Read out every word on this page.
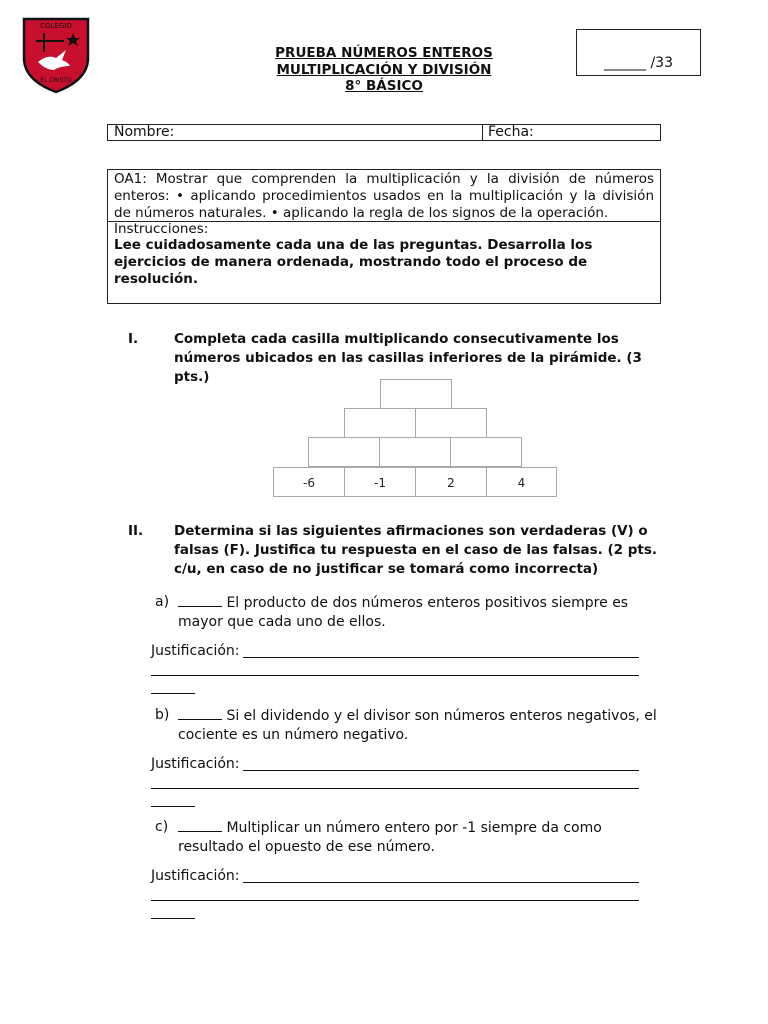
COLEGIO
EL CRISTO
PRUEBA NÚMEROS ENTEROS
MULTIPLICACIÓN Y DIVISIÓN
8° BÁSICO
______ /33
Nombre:	Fecha:
OA1: Mostrar que comprenden la multiplicación y la división de números enteros: • aplicando procedimientos usados en la multiplicación y la división de números naturales. • aplicando la regla de los signos de la operación.
Instrucciones:
Lee cuidadosamente cada una de las preguntas. Desarrolla los ejercicios de manera ordenada, mostrando todo el proceso de resolución.
I.	Completa cada casilla multiplicando consecutivamente los números ubicados en las casillas inferiores de la pirámide. (3 pts.)
-6	-1	2	4
II. Determina si las siguientes afirmaciones son verdaderas (V) o falsas (F). Justifica tu respuesta en el caso de las falsas. (2 pts. c/u, en caso de no justificar se tomará como incorrecta)
a)	El producto de dos números enteros positivos siempre es mayor que cada uno de ellos.
Justificación:
b)	Si el dividendo y el divisor son números enteros negativos, el cociente es un número negativo.
Justificación:
c)	Multiplicar un número entero por -1 siempre da como resultado el opuesto de ese número.
Justificación:
